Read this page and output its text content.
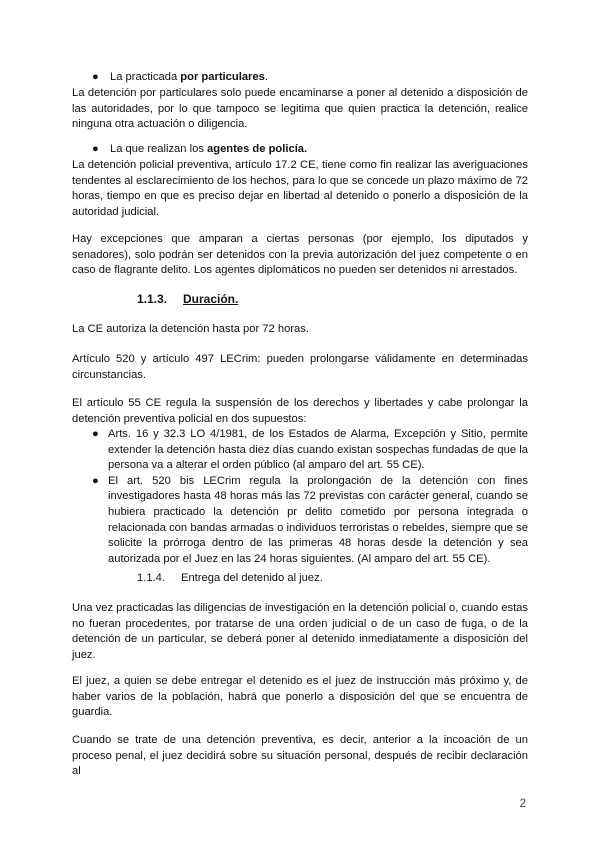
● La practicada por particulares.

La detención por particulares solo puede encaminarse a poner al detenido a disposición de las autoridades, por lo que tampoco se legitima que quien practica la detención, realice ninguna otra actuación o diligencia.

● La que realizan los agentes de policía.

La detención policial preventiva, artículo 17.2 CE, tiene como fin realizar las averiguaciones tendentes al esclarecimiento de los hechos, para lo que se concede un plazo máximo de 72 horas, tiempo en que es preciso dejar en libertad al detenido o ponerlo a disposición de la autoridad judicial.

Hay excepciones que amparan a ciertas personas (por ejemplo, los diputados y senadores), solo podrán ser detenidos con la previa autorización del juez competente o en caso de flagrante delito. Los agentes diplomáticos no pueden ser detenidos ni arrestados.

1.1.3. Duración.

La CE autoriza la detención hasta por 72 horas.

Artículo 520 y artículo 497 LECrim: pueden prolongarse válidamente en determinadas circunstancias.

El artículo 55 CE regula la suspensión de los derechos y libertades y cabe prolongar la detención preventiva policial en dos supuestos:

● Arts. 16 y 32.3 LO 4/1981, de los Estados de Alarma, Excepción y Sitio, permite extender la detención hasta diez días cuando existan sospechas fundadas de que la persona va a alterar el orden público (al amparo del art. 55 CE).
● El art. 520 bis LECrim regula la prolongación de la detención con fines investigadores hasta 48 horas más las 72 previstas con carácter general, cuando se hubiera practicado la detención pr delito cometido por persona integrada o relacionada con bandas armadas o individuos terroristas o rebeldes, siempre que se solicite la prórroga dentro de las primeras 48 horas desde la detención y sea autorizada por el Juez en las 24 horas siguientes. (Al amparo del art. 55 CE).
1.1.4. Entrega del detenido al juez.

Una vez practicadas las diligencias de investigación en la detención policial o, cuando estas no fueran procedentes, por tratarse de una orden judicial o de un caso de fuga, o de la detención de un particular, se deberá poner al detenido inmediatamente a disposición del juez.

El juez, a quien se debe entregar el detenido es el juez de instrucción más próximo y, de haber varios de la población, habrá que ponerlo a disposición del que se encuentra de guardia.

Cuando se trate de una detención preventiva, es decir, anterior a la incoación de un proceso penal, el juez decidirá sobre su situación personal, después de recibir declaración al

2
